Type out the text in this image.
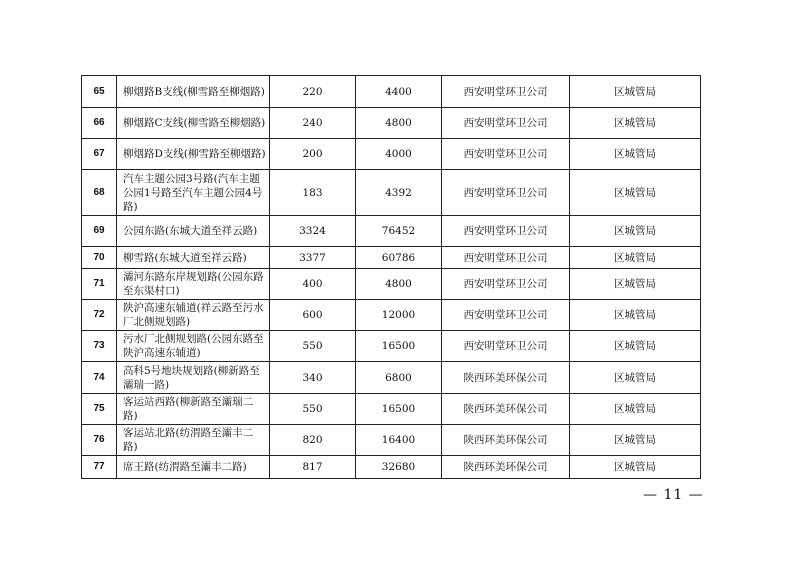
65	柳烟路B支线(柳雪路至柳烟路)	220	4400	西安明堂环卫公司	区城管局
66	柳烟路C支线(柳雪路至柳烟路)	240	4800	西安明堂环卫公司	区城管局
67	柳烟路D支线(柳雪路至柳烟路)	200	4000	西安明堂环卫公司	区城管局
68	汽车主题公园3号路(汽车主题公园1号路至汽车主题公园4号路)	183	4392	西安明堂环卫公司	区城管局
69	公园东路(东城大道至祥云路)	3324	76452	西安明堂环卫公司	区城管局
70	柳雪路(东城大道至祥云路)	3377	60786	西安明堂环卫公司	区城管局
71	灞河东路东岸规划路(公园东路至东渠村口)	400	4800	西安明堂环卫公司	区城管局
72	陕沪高速东辅道(祥云路至污水厂北侧规划路)	600	12000	西安明堂环卫公司	区城管局
73	污水厂北侧规划路(公园东路至陕沪高速东辅道)	550	16500	西安明堂环卫公司	区城管局
74	高科5号地块规划路(柳新路至灞瑞一路)	340	6800	陕西环美环保公司	区城管局
75	客运站西路(柳新路至灞瑞二路)	550	16500	陕西环美环保公司	区城管局
76	客运站北路(纺渭路至灞丰二路)	820	16400	陕西环美环保公司	区城管局
77	席王路(纺渭路至灞丰二路)	817	32680	陕西环美环保公司	区城管局
— 11 —
